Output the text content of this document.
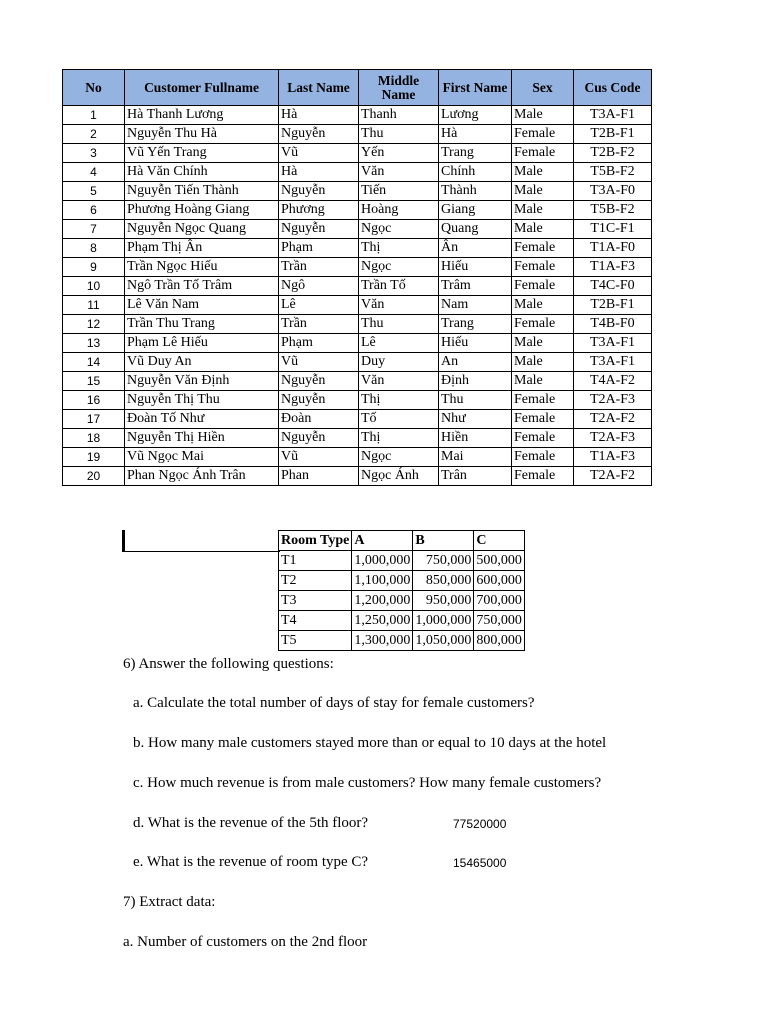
No	Customer Fullname	Last Name	Middle Name	First Name	Sex	Cus Code
1	Hà Thanh Lương	Hà	Thanh	Lương	Male	T3A-F1
2	Nguyễn Thu Hà	Nguyễn	Thu	Hà	Female	T2B-F1
3	Vũ Yến Trang	Vũ	Yến	Trang	Female	T2B-F2
4	Hà Văn Chính	Hà	Văn	Chính	Male	T5B-F2
5	Nguyễn Tiến Thành	Nguyễn	Tiến	Thành	Male	T3A-F0
6	Phương Hoàng Giang	Phương	Hoàng	Giang	Male	T5B-F2
7	Nguyễn Ngọc Quang	Nguyễn	Ngọc	Quang	Male	T1C-F1
8	Phạm Thị Ân	Phạm	Thị	Ân	Female	T1A-F0
9	Trần Ngọc Hiếu	Trần	Ngọc	Hiếu	Female	T1A-F3
10	Ngô Trần Tố Trâm	Ngô	Trần Tố	Trâm	Female	T4C-F0
11	Lê Văn Nam	Lê	Văn	Nam	Male	T2B-F1
12	Trần Thu Trang	Trần	Thu	Trang	Female	T4B-F0
13	Phạm Lê Hiếu	Phạm	Lê	Hiếu	Male	T3A-F1
14	Vũ Duy An	Vũ	Duy	An	Male	T3A-F1
15	Nguyễn Văn Định	Nguyễn	Văn	Định	Male	T4A-F2
16	Nguyễn Thị Thu	Nguyễn	Thị	Thu	Female	T2A-F3
17	Đoàn Tố Như	Đoàn	Tố	Như	Female	T2A-F2
18	Nguyễn Thị Hiền	Nguyễn	Thị	Hiền	Female	T2A-F3
19	Vũ Ngọc Mai	Vũ	Ngọc	Mai	Female	T1A-F3
20	Phan Ngọc Ánh Trân	Phan	Ngọc Ánh	Trân	Female	T2A-F2
Room Type	A	B	C
T1	1,000,000	750,000	500,000
T2	1,100,000	850,000	600,000
T3	1,200,000	950,000	700,000
T4	1,250,000	1,000,000	750,000
T5	1,300,000	1,050,000	800,000
6) Answer the following questions:
a. Calculate the total number of days of stay for female customers?
b. How many male customers stayed more than or equal to 10 days at the hotel
c. How much revenue is from male customers? How many female customers?
d. What is the revenue of the 5th floor?	77520000
e. What is the revenue of room type C?	15465000
7) Extract data:
a. Number of customers on the 2nd floor
